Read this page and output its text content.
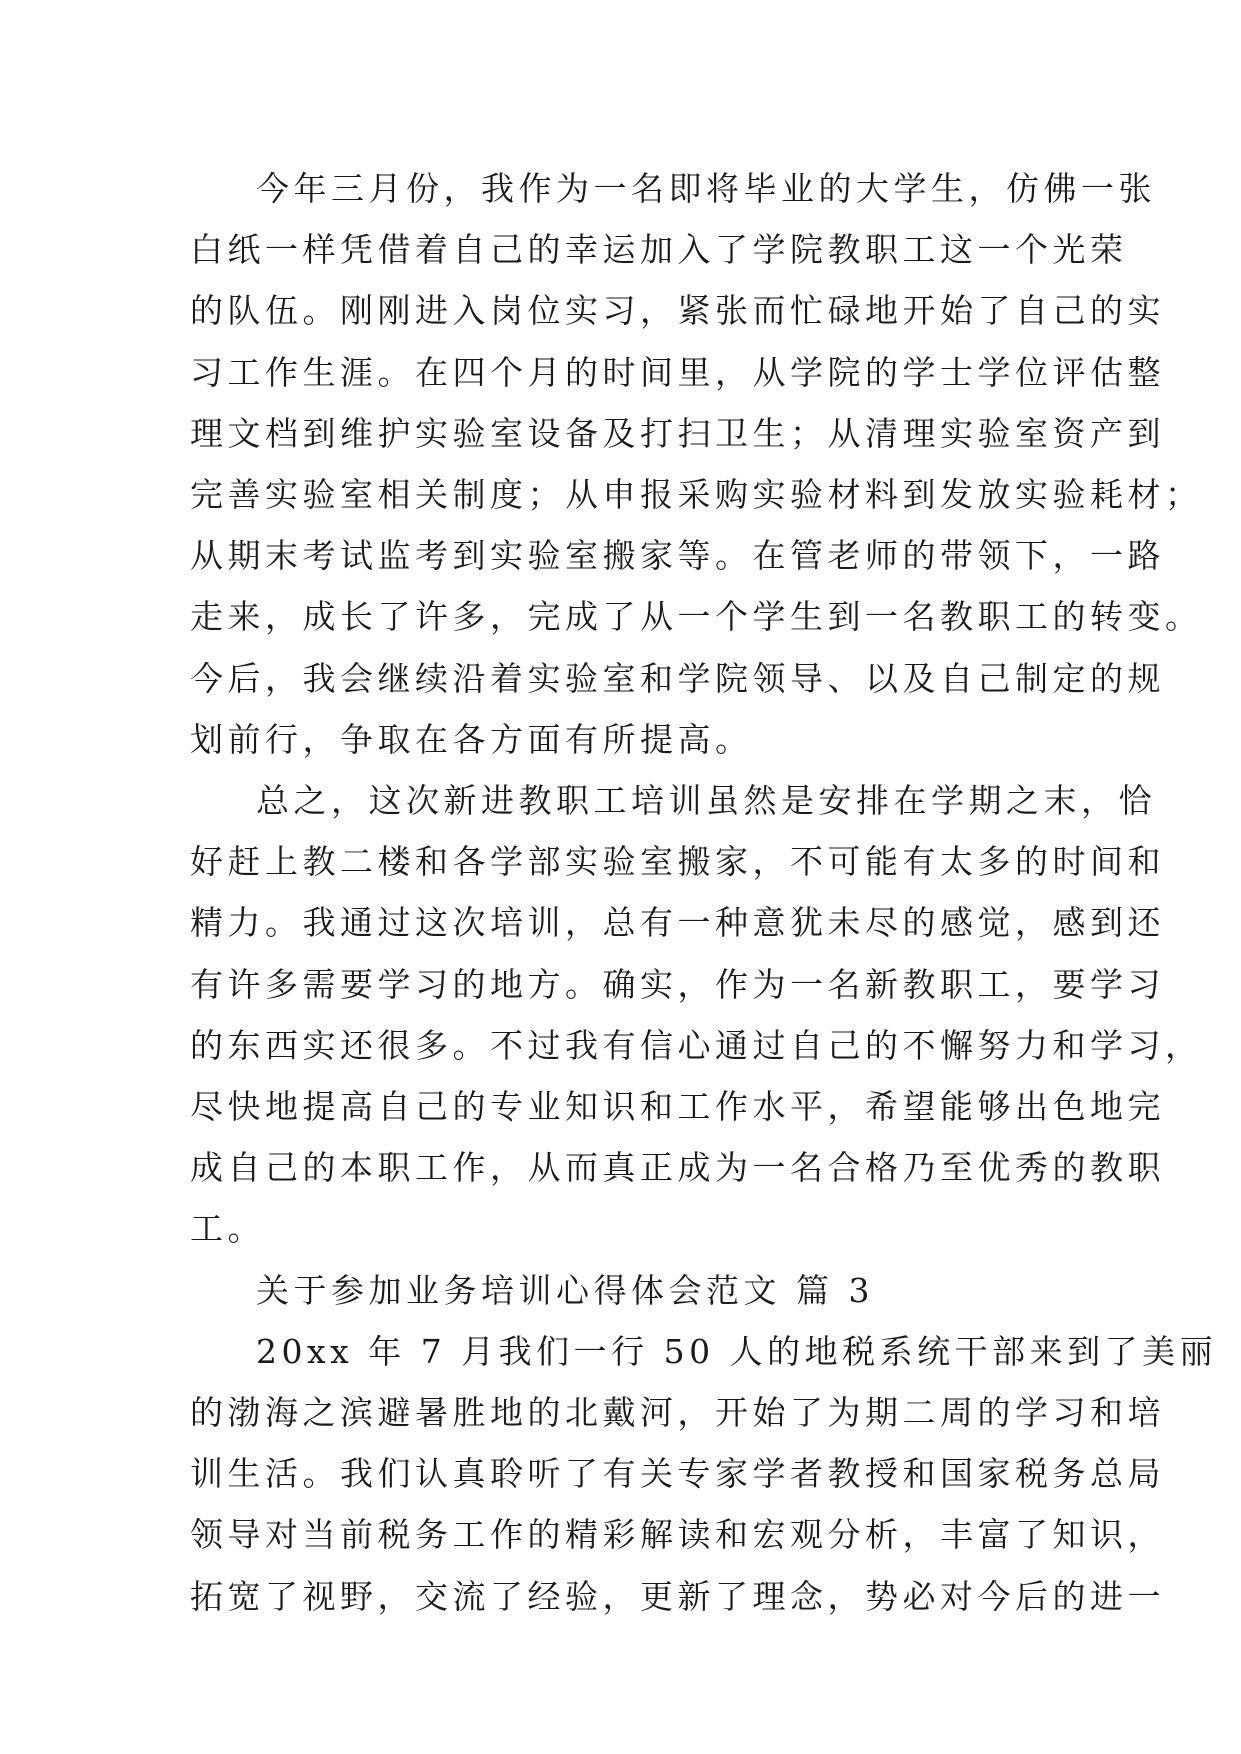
今年三月份，我作为一名即将毕业的大学生，仿佛一张
白纸一样凭借着自己的幸运加入了学院教职工这一个光荣
的队伍。刚刚进入岗位实习，紧张而忙碌地开始了自己的实
习工作生涯。在四个月的时间里，从学院的学士学位评估整
理文档到维护实验室设备及打扫卫生；从清理实验室资产到
完善实验室相关制度；从申报采购实验材料到发放实验耗材；
从期末考试监考到实验室搬家等。在管老师的带领下，一路
走来，成长了许多，完成了从一个学生到一名教职工的转变。
今后，我会继续沿着实验室和学院领导、以及自己制定的规
划前行，争取在各方面有所提高。
总之，这次新进教职工培训虽然是安排在学期之末，恰
好赶上教二楼和各学部实验室搬家，不可能有太多的时间和
精力。我通过这次培训，总有一种意犹未尽的感觉，感到还
有许多需要学习的地方。确实，作为一名新教职工，要学习
的东西实还很多。不过我有信心通过自己的不懈努力和学习，
尽快地提高自己的专业知识和工作水平，希望能够出色地完
成自己的本职工作，从而真正成为一名合格乃至优秀的教职
工。
关于参加业务培训心得体会范文 篇 3
20xx 年 7 月我们一行 50 人的地税系统干部来到了美丽
的渤海之滨避暑胜地的北戴河，开始了为期二周的学习和培
训生活。我们认真聆听了有关专家学者教授和国家税务总局
领导对当前税务工作的精彩解读和宏观分析，丰富了知识，
拓宽了视野，交流了经验，更新了理念，势必对今后的进一
